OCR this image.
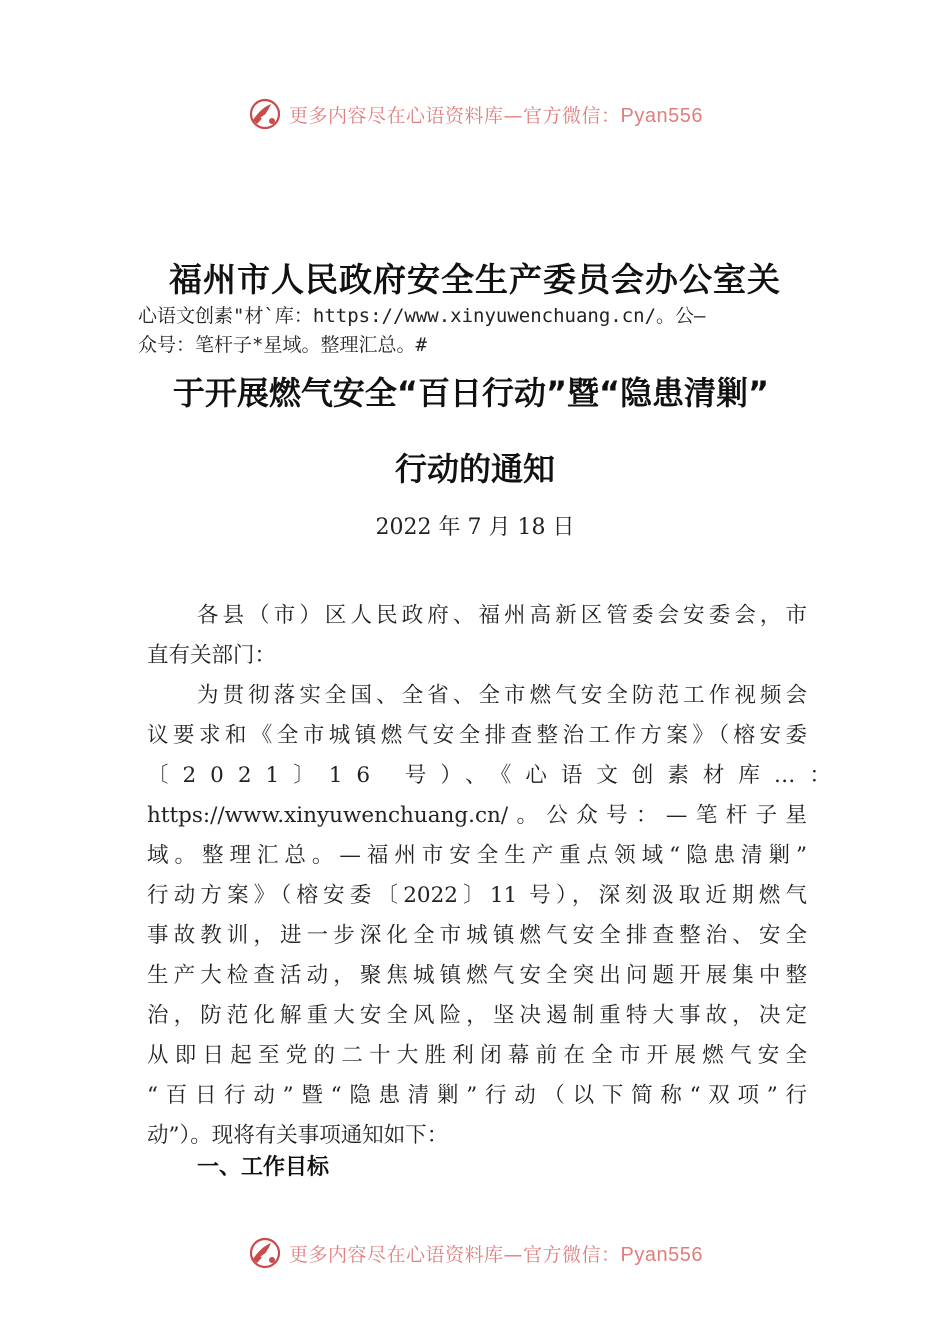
更多内容尽在心语资料库—官方微信：Pyan556
福州市人民政府安全生产委员会办公室关
心语文创素"材`库：https://www.xinyuwenchuang.cn/。公—
众号：笔杆子*星域。整理汇总。#
于开展燃气安全“百日行动”暨“隐患清剿”
行动的通知
2022 年 7 月 18 日
各县（市）区人民政府、福州高新区管委会安委会，市
直有关部门：
为贯彻落实全国、全省、全市燃气安全防范工作视频会
议要求和《全市城镇燃气安全排查整治工作方案》（榕安委
〔2021〕16 号）、《心语文创素材库…：
https://www.xinyuwenchuang.cn/。公众号：—笔杆子星
域。整理汇总。—福州市安全生产重点领域“隐患清剿”
行动方案》（榕安委〔2022〕11 号），深刻汲取近期燃气
事故教训，进一步深化全市城镇燃气安全排查整治、安全
生产大检查活动，聚焦城镇燃气安全突出问题开展集中整
治，防范化解重大安全风险，坚决遏制重特大事故，决定
从即日起至党的二十大胜利闭幕前在全市开展燃气安全
“百日行动”暨“隐患清剿”行动（以下简称“双项”行
动”）。现将有关事项通知如下：
一、工作目标
更多内容尽在心语资料库—官方微信：Pyan556
